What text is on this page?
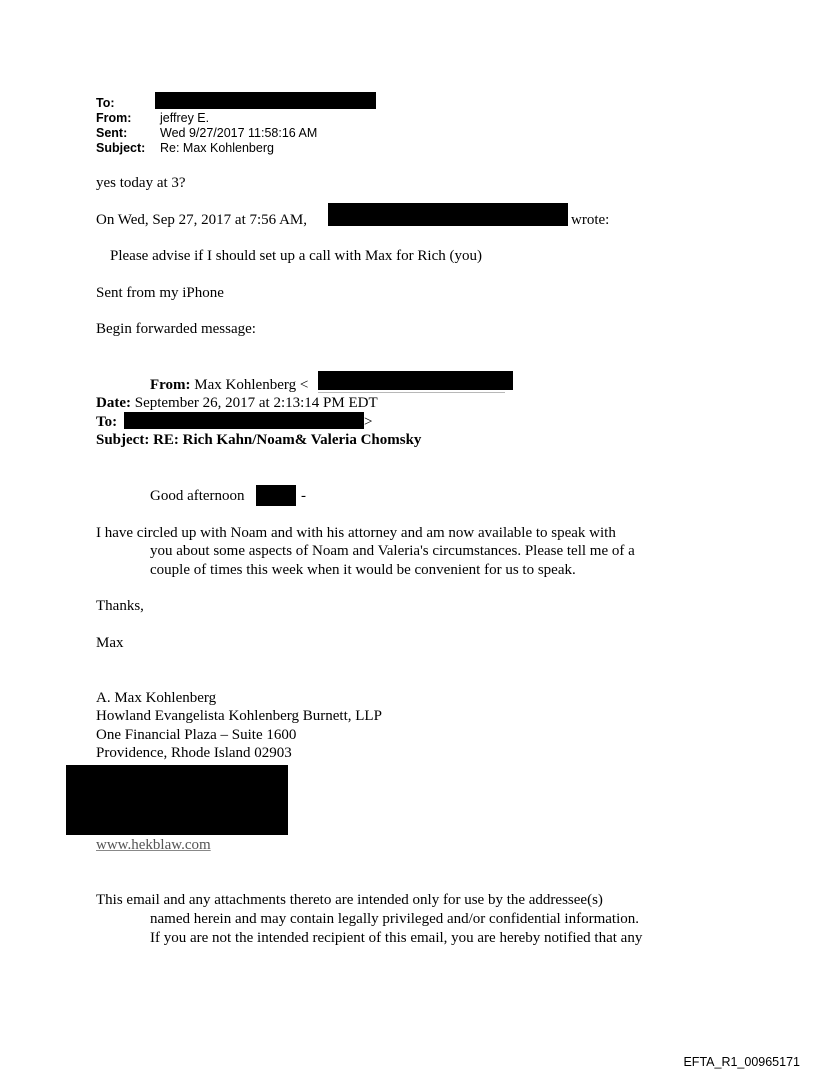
To:
From: jeffrey E.
Sent:	Wed 9/27/2017 11:58:16 AM
Subject: Re: Max Kohlenberg
yes today at 3?
On Wed, Sep 27, 2017 at 7:56 AM,	wrote:
Please advise if I should set up a call with Max for Rich (you)
Sent from my iPhone
Begin forwarded message:
From: Max Kohlenberg <
Date: September 26, 2017 at 2:13:14 PM EDT
To:	>
Subject: RE: Rich Kahn/Noam& Valeria Chomsky
Good afternoon	-
I have circled up with Noam and with his attorney and am now available to speak with
you about some aspects of Noam and Valeria's circumstances. Please tell me of a
couple of times this week when it would be convenient for us to speak.
Thanks,
Max
A. Max Kohlenberg
Howland Evangelista Kohlenberg Burnett, LLP
One Financial Plaza – Suite 1600
Providence, Rhode Island 02903
www.hekblaw.com
This email and any attachments thereto are intended only for use by the addressee(s)
named herein and may contain legally privileged and/or confidential information.
If you are not the intended recipient of this email, you are hereby notified that any
EFTA_R1_00965171
